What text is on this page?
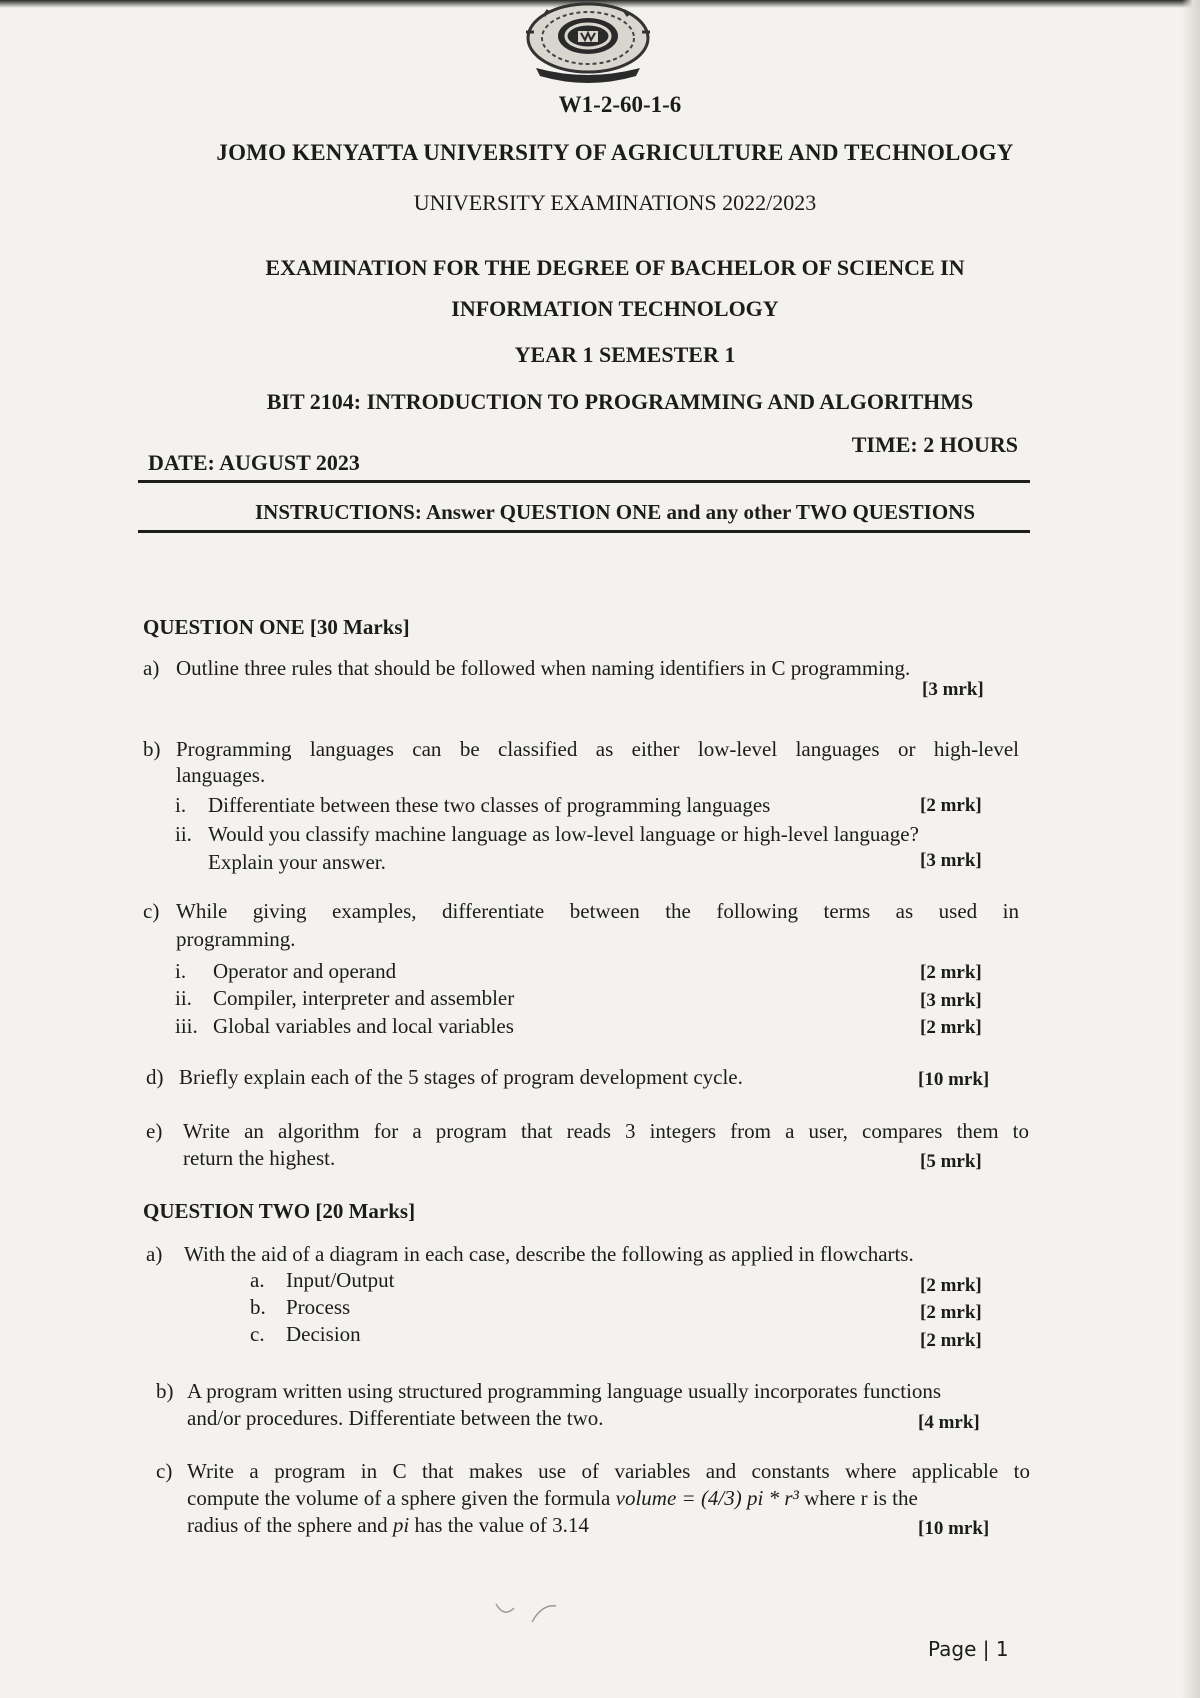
W1-2-60-1-6
JOMO KENYATTA UNIVERSITY OF AGRICULTURE AND TECHNOLOGY
UNIVERSITY EXAMINATIONS 2022/2023
EXAMINATION FOR THE DEGREE OF BACHELOR OF SCIENCE IN
INFORMATION TECHNOLOGY
YEAR 1 SEMESTER 1
BIT 2104: INTRODUCTION TO PROGRAMMING AND ALGORITHMS
TIME: 2 HOURS
DATE: AUGUST 2023
INSTRUCTIONS: Answer QUESTION ONE and any other TWO QUESTIONS
QUESTION ONE [30 Marks]
a) Outline three rules that should be followed when naming identifiers in C programming.
[3 mrk]
b) Programming languages can be classified as either low-level languages or high-level
languages.
i. Differentiate between these two classes of programming languages	[2 mrk]
ii. Would you classify machine language as low-level language or high-level language?
Explain your answer.	[3 mrk]
c) While giving examples, differentiate between the following terms as used in
programming.
i. Operator and operand	[2 mrk]
ii. Compiler, interpreter and assembler	[3 mrk]
iii. Global variables and local variables	[2 mrk]
d) Briefly explain each of the 5 stages of program development cycle.	[10 mrk]
e) Write an algorithm for a program that reads 3 integers from a user, compares them to
return the highest.	[5 mrk]
QUESTION TWO [20 Marks]
a) With the aid of a diagram in each case, describe the following as applied in flowcharts.
a. Input/Output	[2 mrk]
b. Process	[2 mrk]
c. Decision	[2 mrk]
b) A program written using structured programming language usually incorporates functions
and/or procedures. Differentiate between the two.	[4 mrk]
c) Write a program in C that makes use of variables and constants where applicable to
compute the volume of a sphere given the formula volume = (4/3) pi * r³ where r is the
radius of the sphere and pi has the value of 3.14	[10 mrk]
Page | 1
